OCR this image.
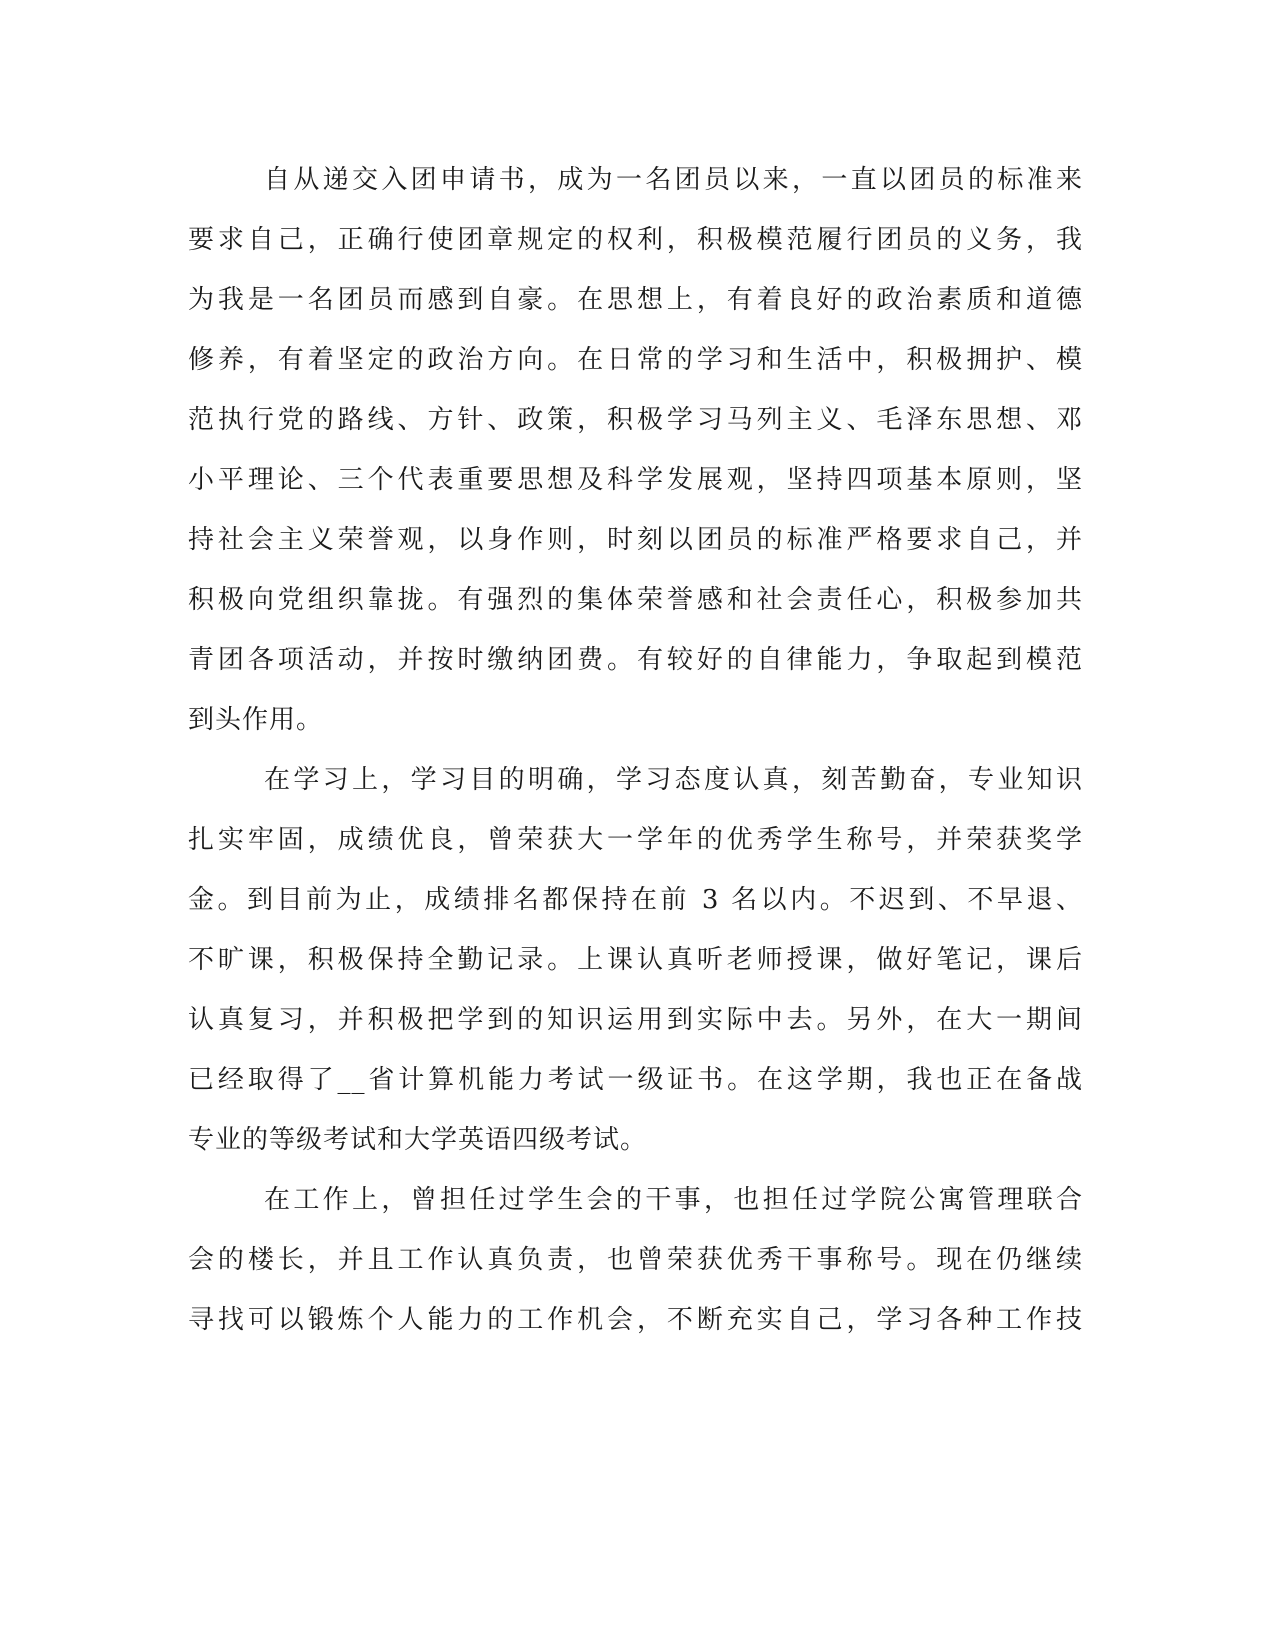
自从递交入团申请书，成为一名团员以来，一直以团员的标准来
要求自己，正确行使团章规定的权利，积极模范履行团员的义务，我
为我是一名团员而感到自豪。在思想上，有着良好的政治素质和道德
修养，有着坚定的政治方向。在日常的学习和生活中，积极拥护、模
范执行党的路线、方针、政策，积极学习马列主义、毛泽东思想、邓
小平理论、三个代表重要思想及科学发展观，坚持四项基本原则，坚
持社会主义荣誉观，以身作则，时刻以团员的标准严格要求自己，并
积极向党组织靠拢。有强烈的集体荣誉感和社会责任心，积极参加共
青团各项活动，并按时缴纳团费。有较好的自律能力，争取起到模范
到头作用。
在学习上，学习目的明确，学习态度认真，刻苦勤奋，专业知识
扎实牢固，成绩优良，曾荣获大一学年的优秀学生称号，并荣获奖学
金。到目前为止，成绩排名都保持在前 3 名以内。不迟到、不早退、
不旷课，积极保持全勤记录。上课认真听老师授课，做好笔记，课后
认真复习，并积极把学到的知识运用到实际中去。另外，在大一期间
已经取得了__省计算机能力考试一级证书。在这学期，我也正在备战
专业的等级考试和大学英语四级考试。
在工作上，曾担任过学生会的干事，也担任过学院公寓管理联合
会的楼长，并且工作认真负责，也曾荣获优秀干事称号。现在仍继续
寻找可以锻炼个人能力的工作机会，不断充实自己，学习各种工作技
